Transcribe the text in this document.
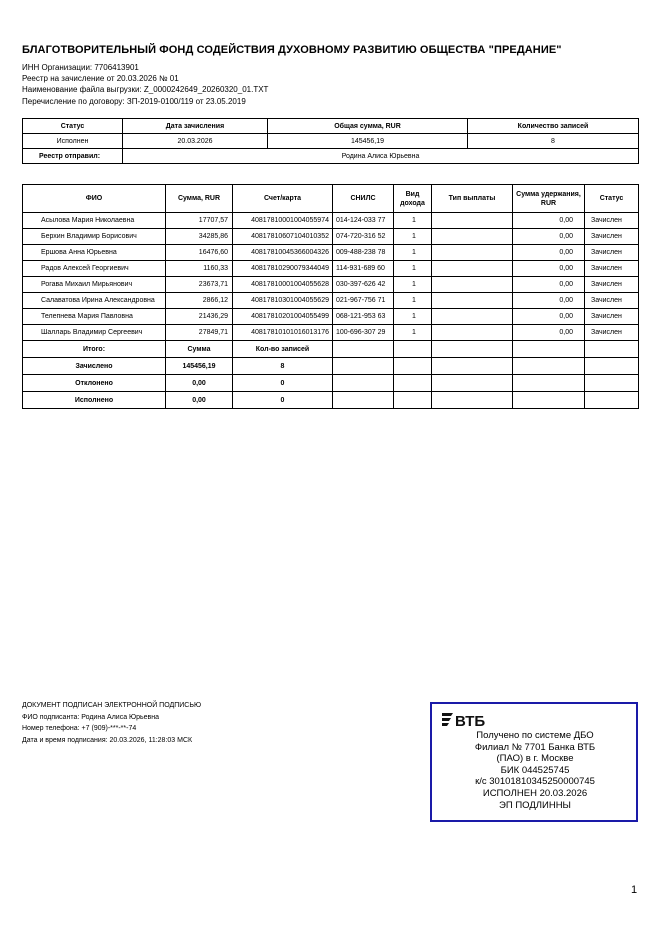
БЛАГОТВОРИТЕЛЬНЫЙ ФОНД СОДЕЙСТВИЯ ДУХОВНОМУ РАЗВИТИЮ ОБЩЕСТВА "ПРЕДАНИЕ"
ИНН Организации: 7706413901
Реестр на зачисление от 20.03.2026 № 01
Наименование файла выгрузки: Z_0000242649_20260320_01.TXT
Перечисление по договору: ЗП-2019-0100/119 от 23.05.2019
Статус	Дата зачисления	Общая сумма, RUR	Количество записей
Исполнен	20.03.2026	145456,19	8
Реестр отправил:	Родина Алиса Юрьевна		
ФИО	Сумма, RUR	Счет/карта	СНИЛС	Вид дохода	Тип выплаты	Сумма удержания, RUR	Статус
Асылова Мария Николаевна	17707,57	40817810001004055974	014-124-033 77	1		0,00	Зачислен
Берхин Владимир Борисович	34285,86	40817810607104010352	074-720-316 52	1		0,00	Зачислен
Ершова Анна Юрьевна	16476,60	40817810045366004326	009-488-238 78	1		0,00	Зачислен
Радов Алексей Георгиевич	1160,33	40817810290079344049	114-931-689 60	1		0,00	Зачислен
Рогава Михаил Мирьянович	23673,71	40817810001004055628	030-397-626 42	1		0,00	Зачислен
Салаватова Ирина Александровна	2866,12	40817810301004055629	021-967-756 71	1		0,00	Зачислен
Телепнева Мария Павловна	21436,29	40817810201004055499	068-121-953 63	1		0,00	Зачислен
Шалларь Владимир Сергеевич	27849,71	40817810101016013176	100-696-307 29	1		0,00	Зачислен
Итого:	Сумма	Кол-во записей					
Зачислено	145456,19	8					
Отклонено	0,00	0					
Исполнено	0,00	0					
ДОКУМЕНТ ПОДПИСАН ЭЛЕКТРОННОЙ ПОДПИСЬЮ
ФИО подписанта: Родина Алиса Юрьевна
Номер телефона: +7 (909)-***-**-74
Дата и время подписания: 20.03.2026, 11:28:03 МСК
ВТБ
Получено по системе ДБО
Филиал № 7701 Банка ВТБ
(ПАО) в г. Москве
БИК 044525745
к/с 30101810345250000745
ИСПОЛНЕН 20.03.2026
ЭП ПОДЛИННЫ
1
